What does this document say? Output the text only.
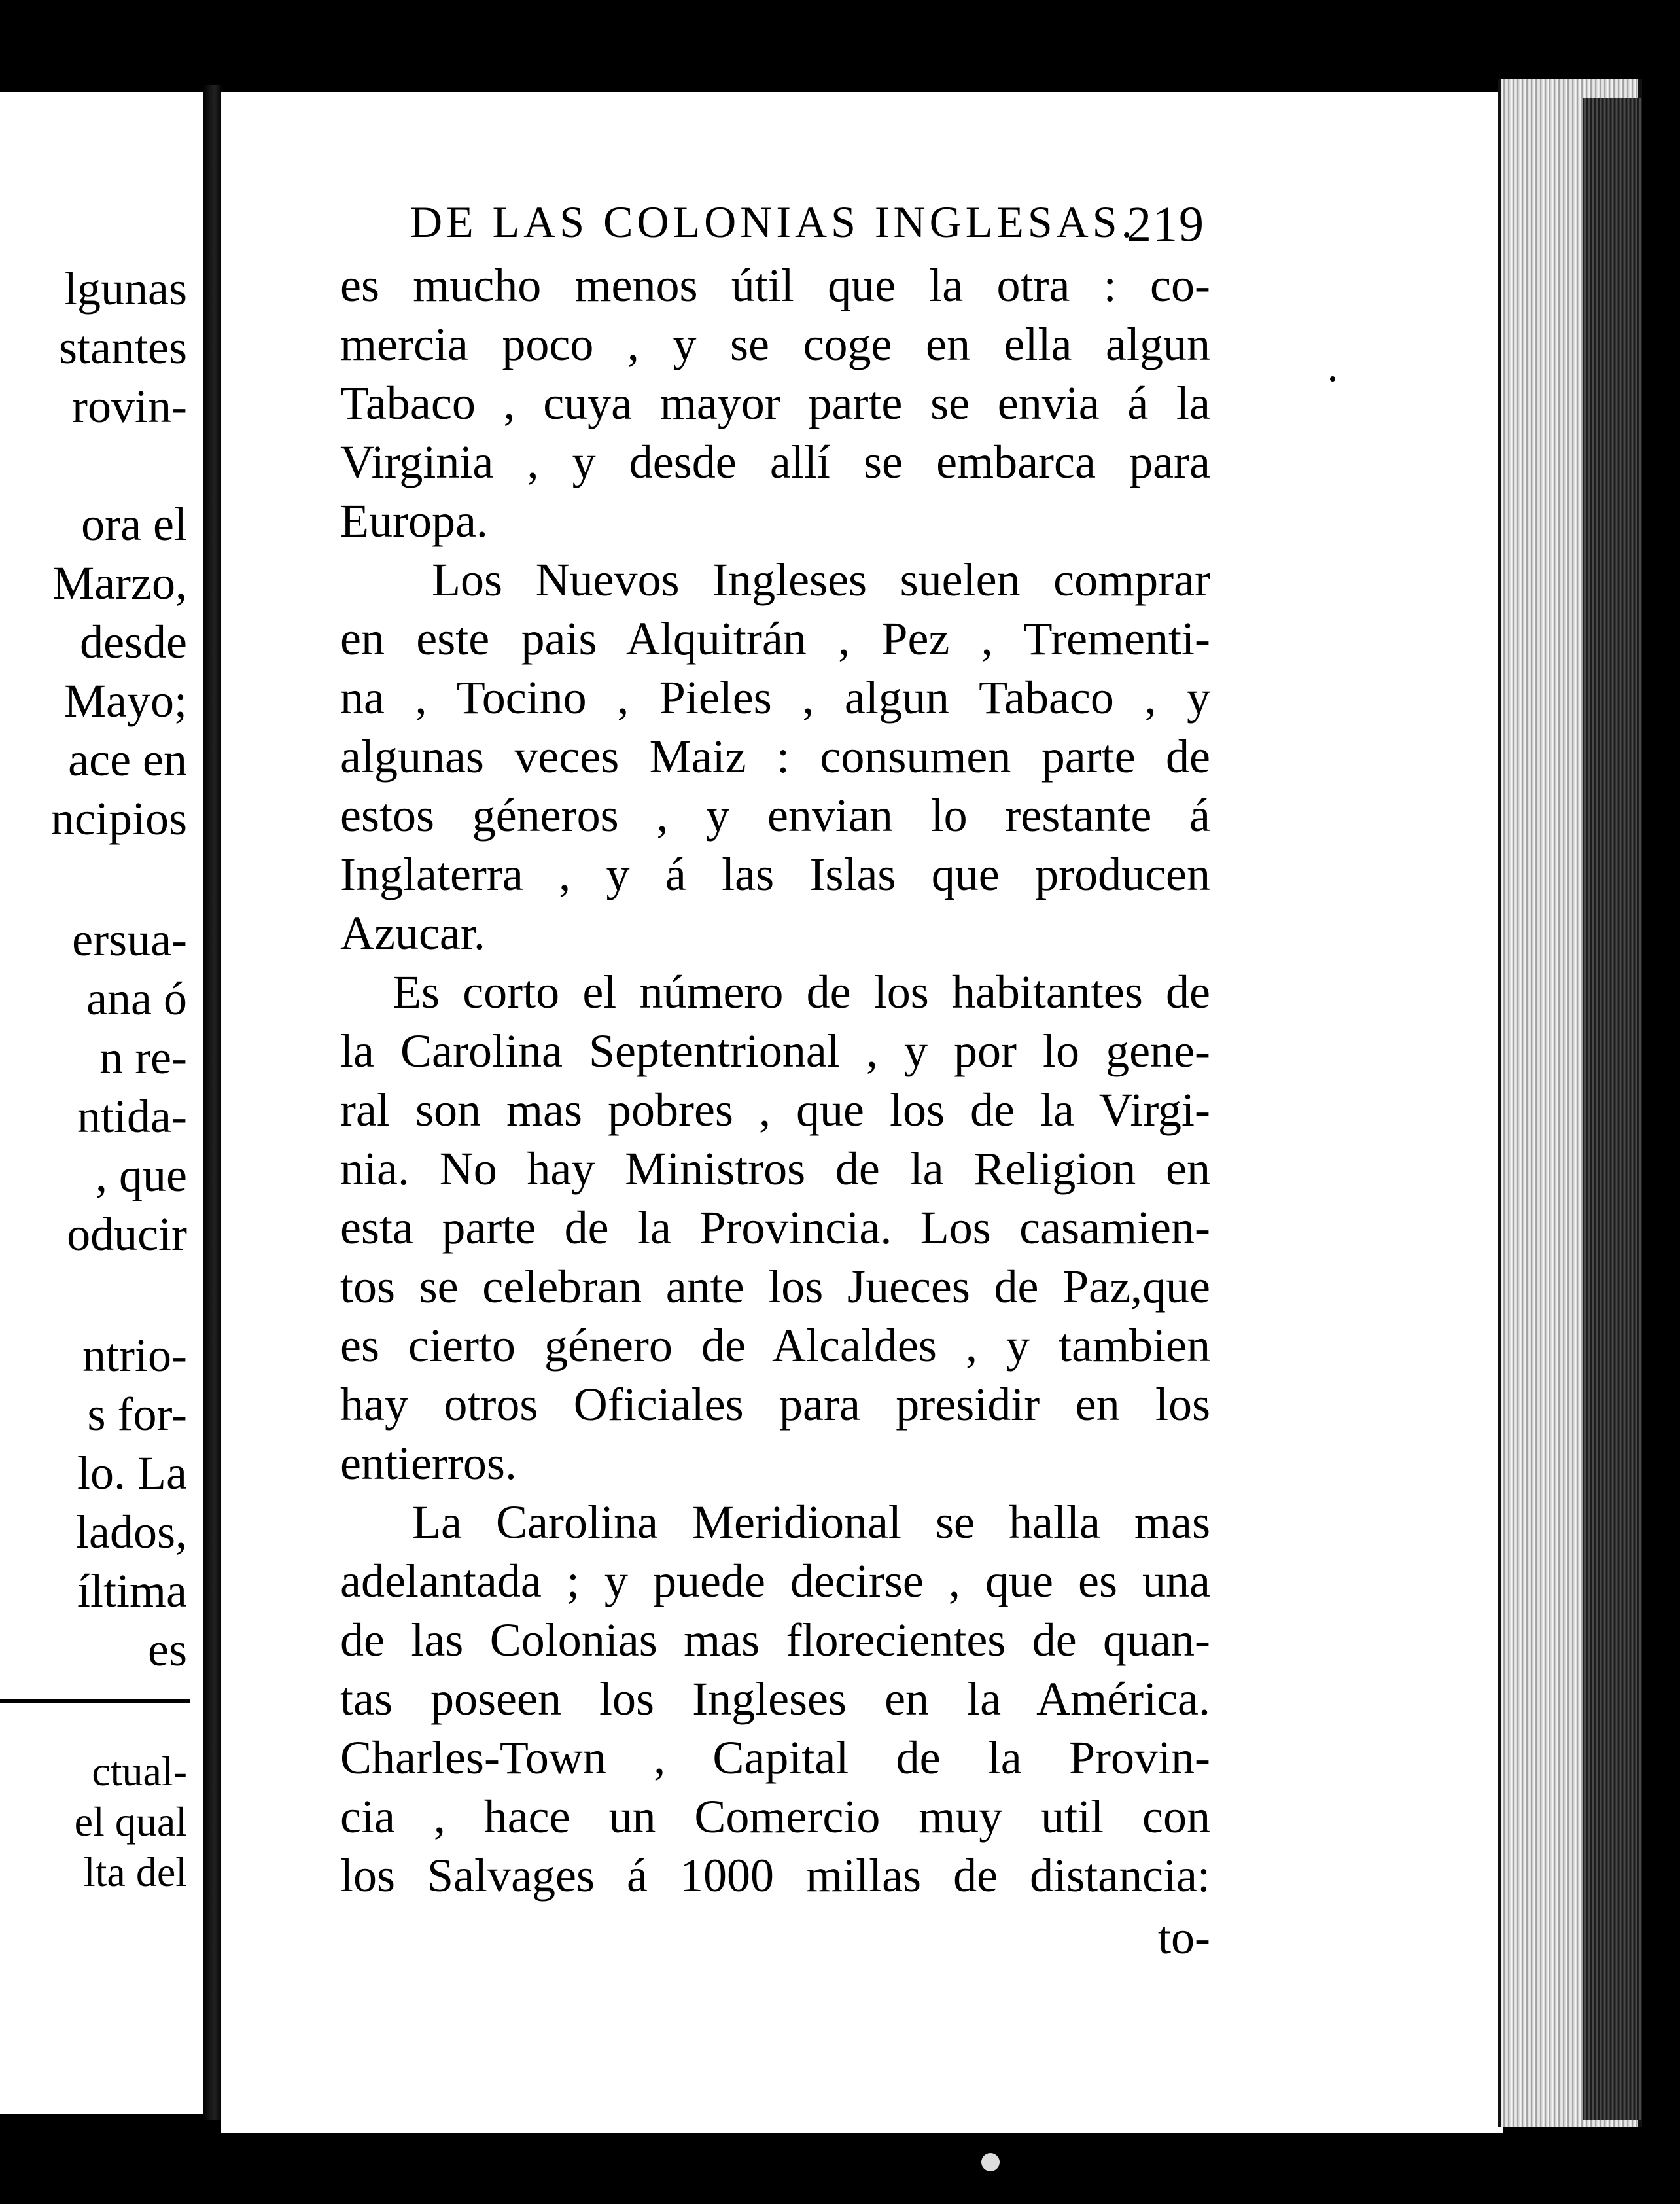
lgunas
stantes
rovin-
ora el
Marzo,
desde
Mayo;
ace en
ncipios
ersua-
ana ó
n re-
ntida-
, que
oducir
ntrio-
s for-
lo. La
lados,
íltima
es
ctual-
el qual
lta del
DE LAS COLONIAS INGLESAS.
219
es mucho menos útil que la otra : co-
mercia poco , y se coge en ella algun
Tabaco , cuya mayor parte se envia á la
Virginia , y desde allí se embarca para
Europa.
Los Nuevos Ingleses suelen comprar
en este pais Alquitrán , Pez , Trementi-
na , Tocino , Pieles , algun Tabaco , y
algunas veces Maiz : consumen parte de
estos géneros , y envian lo restante á
Inglaterra , y á las Islas que producen
Azucar.
Es corto el número de los habitantes de
la Carolina Septentrional , y por lo gene-
ral son mas pobres , que los de la Virgi-
nia. No hay Ministros de la Religion en
esta parte de la Provincia. Los casamien-
tos se celebran ante los Jueces de Paz,que
es cierto género de Alcaldes , y tambien
hay otros Oficiales para presidir en los
entierros.
La Carolina Meridional se halla mas
adelantada ; y puede decirse , que es una
de las Colonias mas florecientes de quan-
tas poseen los Ingleses en la América.
Charles-Town , Capital de la Provin-
cia , hace un Comercio muy util con
los Salvages á 1000 millas de distancia:
to-
